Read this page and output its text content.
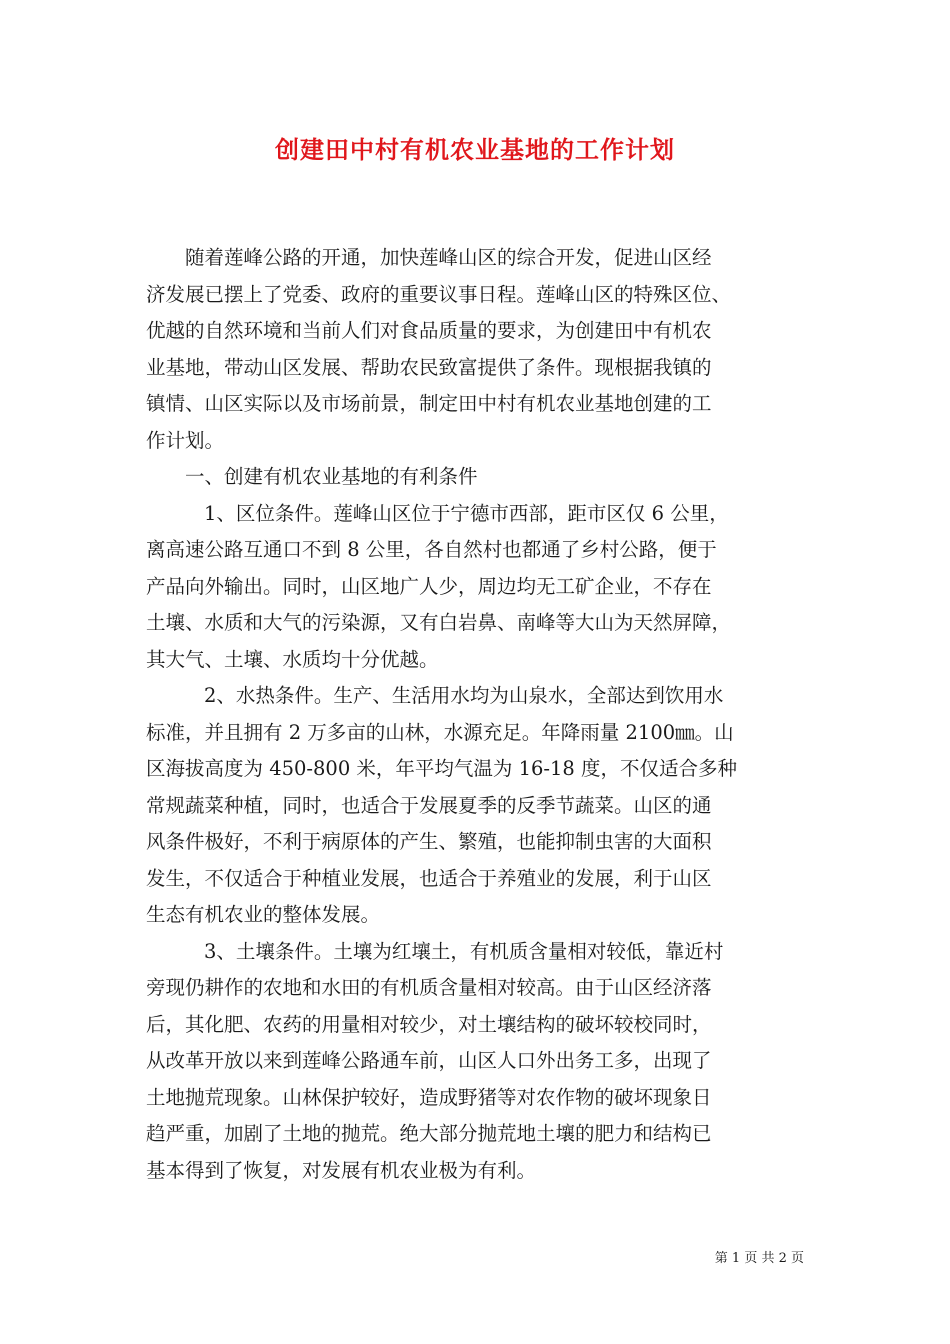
创建田中村有机农业基地的工作计划
随着莲峰公路的开通，加快莲峰山区的综合开发，促进山区经
济发展已摆上了党委、政府的重要议事日程。莲峰山区的特殊区位、
优越的自然环境和当前人们对食品质量的要求，为创建田中有机农
业基地，带动山区发展、帮助农民致富提供了条件。现根据我镇的
镇情、山区实际以及市场前景，制定田中村有机农业基地创建的工
作计划。
一、创建有机农业基地的有利条件
1、区位条件。莲峰山区位于宁德市西部，距市区仅 6 公里，
离高速公路互通口不到 8 公里，各自然村也都通了乡村公路，便于
产品向外输出。同时，山区地广人少，周边均无工矿企业，不存在
土壤、水质和大气的污染源，又有白岩鼻、南峰等大山为天然屏障，
其大气、土壤、水质均十分优越。
2、水热条件。生产、生活用水均为山泉水，全部达到饮用水
标准，并且拥有 2 万多亩的山林，水源充足。年降雨量 2100㎜。山
区海拔高度为 450-800 米，年平均气温为 16-18 度，不仅适合多种
常规蔬菜种植，同时，也适合于发展夏季的反季节蔬菜。山区的通
风条件极好，不利于病原体的产生、繁殖，也能抑制虫害的大面积
发生，不仅适合于种植业发展，也适合于养殖业的发展，利于山区
生态有机农业的整体发展。
3、土壤条件。土壤为红壤土，有机质含量相对较低，靠近村
旁现仍耕作的农地和水田的有机质含量相对较高。由于山区经济落
后，其化肥、农药的用量相对较少，对土壤结构的破坏较校同时，
从改革开放以来到莲峰公路通车前，山区人口外出务工多，出现了
土地抛荒现象。山林保护较好，造成野猪等对农作物的破坏现象日
趋严重，加剧了土地的抛荒。绝大部分抛荒地土壤的肥力和结构已
基本得到了恢复，对发展有机农业极为有利。
第 1 页 共 2 页
